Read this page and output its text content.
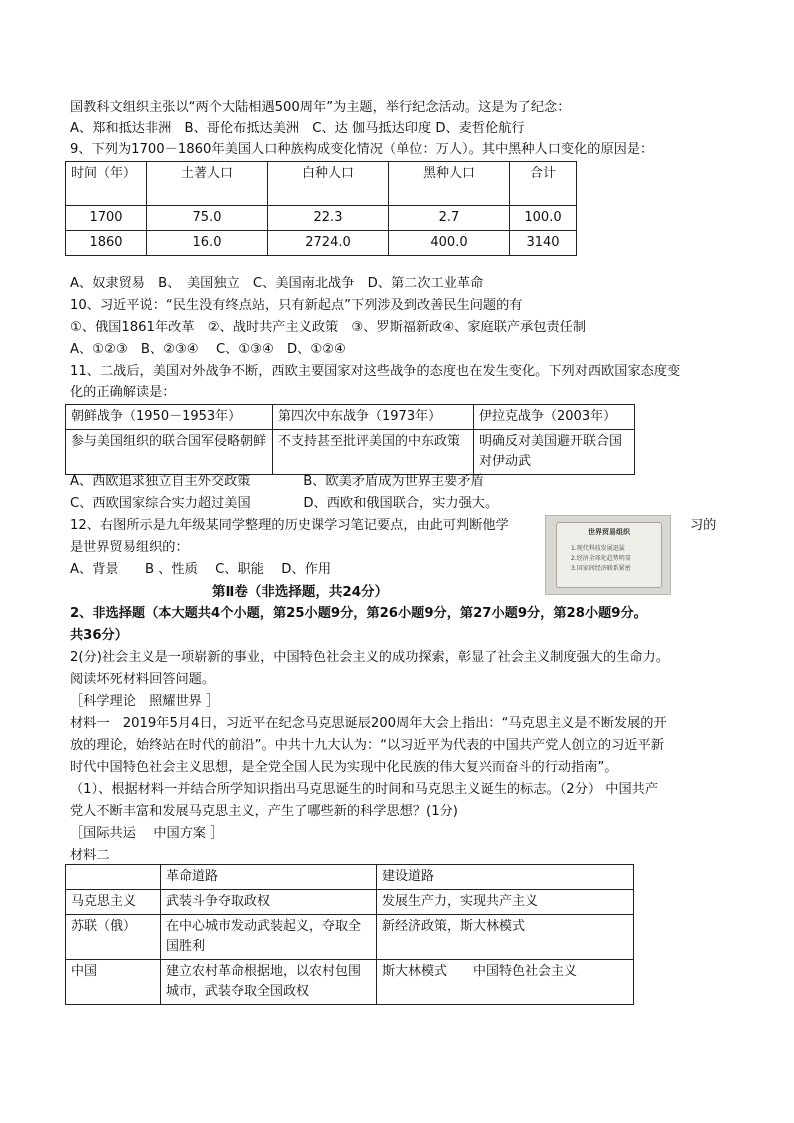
国教科文组织主张以“两个大陆相遇500周年”为主题，举行纪念活动。这是为了纪念：
A、郑和抵达非洲　B、哥伦布抵达美洲　C、达 伽马抵达印度 D、麦哲伦航行
9、下列为1700－1860年美国人口种族构成变化情况（单位：万人）。其中黑种人口变化的原因是：
时间（年）	土著人口	白种人口	黑种人口	合计
1700	75.0	22.3	2.7	100.0
1860	16.0	2724.0	400.0	3140
A、奴隶贸易　B、　美国独立　C、美国南北战争　D、第二次工业革命
10、习近平说：“民生没有终点站，只有新起点”下列涉及到改善民生问题的有
①、俄国1861年改革　②、战时共产主义政策　③、罗斯福新政④、家庭联产承包责任制
A、①②③　B、②③④　 C、①③④　D、①②④
11、二战后，美国对外战争不断，西欧主要国家对这些战争的态度也在发生变化。下列对西欧国家态度变
化的正确解读是：
朝鲜战争（1950－1953年）	第四次中东战争（1973年）	伊拉克战争（2003年）
参与美国组织的联合国军侵略朝鲜	不支持甚至批评美国的中东政策	明确反对美国避开联合国对伊动武
A、西欧追求独立自主外交政策　　　　B、欧美矛盾成为世界主要矛盾
C、西欧国家综合实力超过美国　　　　D、西欧和俄国联合，实力强大。
12、右图所示是九年级某同学整理的历史课学习笔记要点，由此可判断他学	习的
是世界贸易组织的：
A、背景　　B 、性质　 C、职能　 D、作用
世界贸易组织
1.现代科技发展迅猛
2.经济全球化趋势明显
3.国家间经济联系紧密
第Ⅱ卷（非选择题，共24分）
2、非选择题（本大题共4个小题，第25小题9分，第26小题9分，第27小题9分，第28小题9分。
共36分）
2(分)社会主义是一项崭新的事业，中国特色社会主义的成功探索，彰显了社会主义制度强大的生命力。
阅读坏死材料回答问题。
［科学理论　照耀世界 ］
材料一　2019年5月4日，习近平在纪念马克思诞辰200周年大会上指出：“马克思主义是不断发展的开
放的理论，始终站在时代的前沿”。中共十九大认为：“以习近平为代表的中国共产党人创立的习近平新
时代中国特色社会主义思想，是全党全国人民为实现中化民族的伟大复兴而奋斗的行动指南”。
（1）、根据材料一并结合所学知识指出马克思诞生的时间和马克思主义诞生的标志。（2分） 中国共产
党人不断丰富和发展马克思主义，产生了哪些新的科学思想？(1分)
［国际共运　 中国方案 ］
材料二
	革命道路	建设道路
马克思主义	武装斗争夺取政权	发展生产力，实现共产主义
苏联（俄）	在中心城市发动武装起义，夺取全国胜利	新经济政策，斯大林模式
中国	建立农村革命根据地，以农村包围城市，武装夺取全国政权	斯大林模式　　中国特色社会主义
